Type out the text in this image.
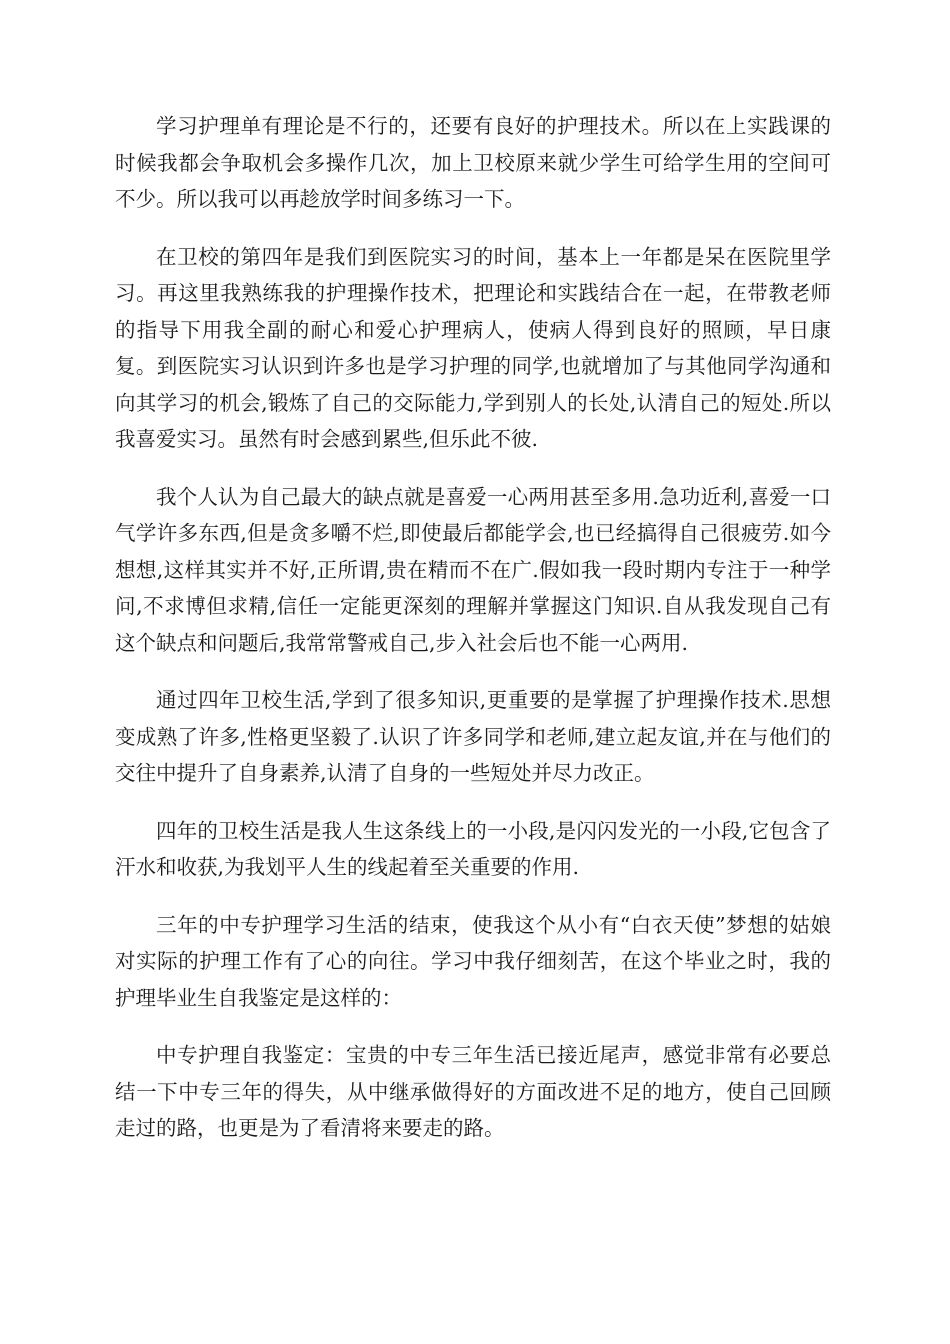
学习护理单有理论是不行的，还要有良好的护理技术。所以在上实践课的时候我都会争取机会多操作几次，加上卫校原来就少学生可给学生用的空间可不少。所以我可以再趁放学时间多练习一下。

在卫校的第四年是我们到医院实习的时间，基本上一年都是呆在医院里学习。再这里我熟练我的护理操作技术，把理论和实践结合在一起，在带教老师的指导下用我全副的耐心和爱心护理病人，使病人得到良好的照顾，早日康复。到医院实习认识到许多也是学习护理的同学,也就增加了与其他同学沟通和向其学习的机会,锻炼了自己的交际能力,学到别人的长处,认清自己的短处.所以我喜爱实习。虽然有时会感到累些,但乐此不彼.

我个人认为自己最大的缺点就是喜爱一心两用甚至多用.急功近利,喜爱一口气学许多东西,但是贪多嚼不烂,即使最后都能学会,也已经搞得自己很疲劳.如今想想,这样其实并不好,正所谓,贵在精而不在广.假如我一段时期内专注于一种学问,不求博但求精,信任一定能更深刻的理解并掌握这门知识.自从我发现自己有这个缺点和问题后,我常常警戒自己,步入社会后也不能一心两用.

通过四年卫校生活,学到了很多知识,更重要的是掌握了护理操作技术.思想变成熟了许多,性格更坚毅了.认识了许多同学和老师,建立起友谊,并在与他们的交往中提升了自身素养,认清了自身的一些短处并尽力改正。

四年的卫校生活是我人生这条线上的一小段,是闪闪发光的一小段,它包含了汗水和收获,为我划平人生的线起着至关重要的作用.

三年的中专护理学习生活的结束，使我这个从小有“白衣天使”梦想的姑娘对实际的护理工作有了心的向往。学习中我仔细刻苦，在这个毕业之时，我的护理毕业生自我鉴定是这样的：

中专护理自我鉴定：宝贵的中专三年生活已接近尾声，感觉非常有必要总结一下中专三年的得失，从中继承做得好的方面改进不足的地方，使自己回顾走过的路，也更是为了看清将来要走的路。
